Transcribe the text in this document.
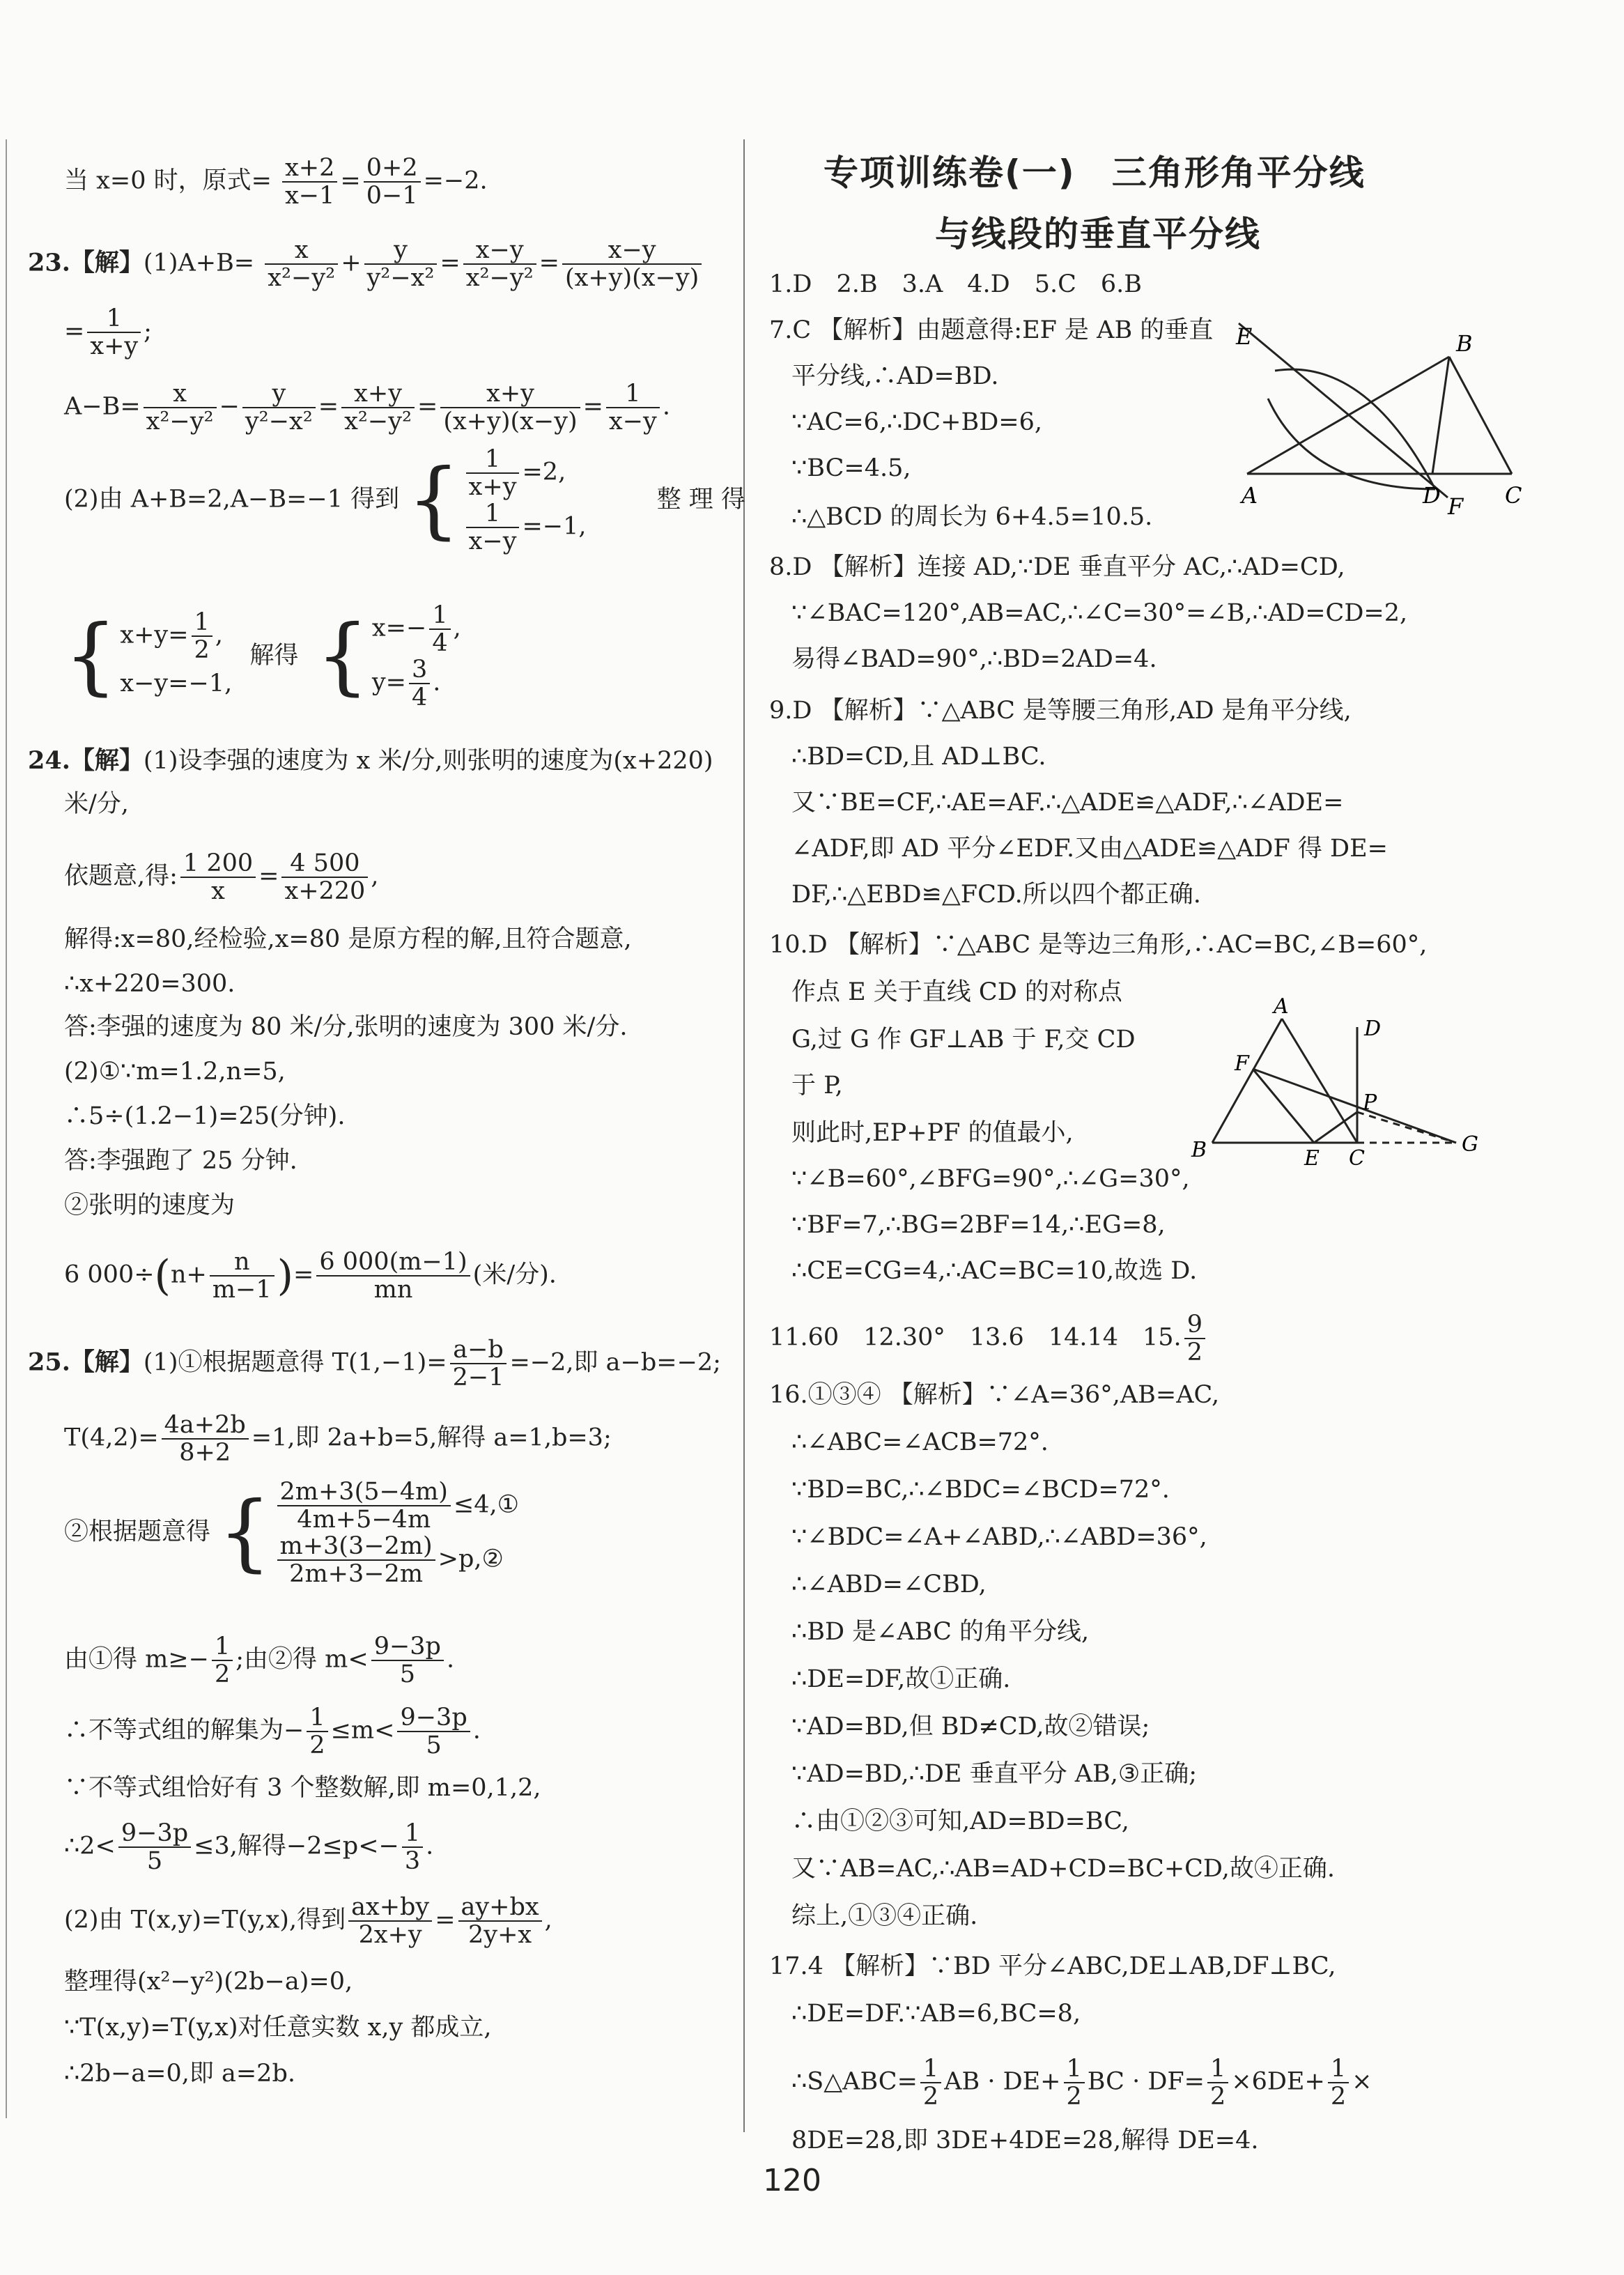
当 x=0 时，原式= $\frac{x+2}{x-1} = \frac{0+2}{0-1} =-2$.
23.【解】$(1)A+B= \frac{x}{\text{x²−y²}} + \frac{y}{\text{y²−x²}} = \frac{x-y}{\text{x²−y²}} = \frac{x-y}{(x+y)(x-y)}$
= $\frac{1}{x+y}$ ;
$A-B= \frac{x}{\text{x²−y²}} - \frac{y}{\text{y²−x²}} = \frac{x+y}{\text{x²−y²}} = \frac{x+y}{(x+y)(x-y)} = \frac{1}{x-y}$ .
(2)由 A+B=2,A−B=−1 得到 { $\frac{1}{x+y} =2$,
$\frac{1}{x-y} =-1$,
整 理 得
{ $x+y= \frac{1}{2}$ ,
x−y=−1,
解得 { $x=- \frac{1}{4}$ ,
$y= \frac{3}{4}$ .
24.【解】(1)设李强的速度为 x 米/分,则张明的速度为(x+220)
米/分,
依题意,得: $\frac{1 200}{x} = \frac{4 500}{x+220}$ ,
解得:x=80,经检验,x=80 是原方程的解,且符合题意,
∴x+220=300.
答:李强的速度为 80 米/分,张明的速度为 300 米/分.
(2)①∵m=1.2,n=5,
∴5÷(1.2−1)=25(分钟).
答:李强跑了 25 分钟.
②张明的速度为
6 $000\div(n+ \frac{n}{m-1}$ )= $\frac{6 000(m-1)}{mn}$ (米/分).
25.【解】(1)①根据题意得 $T(1,-1)= \frac{a-b}{2-1} =-2$,即 a−b=−2;
$T(4,2)= \frac{4a+2b}{8+2} =1$,即 2a+b=5,解得 a=1,b=3;
②根据题意得 { $\frac{2m+3(5-4m)}{4m+5-4m}$ ≤4,①
$\frac{m+3(3-2m)}{2m+3-2m}$ >p,②
由①得 $m\ge- \frac{1}{2}$ ;由②得 $m< \frac{9-3p}{5}$ .
∴不等式组的解集为− $\frac{1}{2} \le m< \frac{9-3p}{5}$ .
∵不等式组恰好有 3 个整数解,即 m=0,1,2,
∴2< $\frac{9-3p}{5} \le 3$,解得$-2\le p<- \frac{1}{3}$ .
(2)由 T(x,y)=T(y,x),得到 $\frac{ax+by}{2x+y} = \frac{ay+bx}{2y+x}$ ,
整理得(x²−y²)(2b−a)=0,
∵T(x,y)=T(y,x)对任意实数 x,y 都成立,
∴2b−a=0,即 a=2b.
专项训练卷(一)　三角形角平分线
与线段的垂直平分线
1.D　2.B　3.A　4.D　5.C　6.B
7.C 【解析】由题意得:EF 是 AB 的垂直
平分线,∴AD=BD.
∵AC=6,∴DC+BD=6,
∵BC=4.5,
∴△BCD 的周长为 6+4.5=10.5.
E	B
A	D F C
8.D 【解析】连接 AD,∵DE 垂直平分 AC,∴AD=CD,
∵∠BAC=120°,AB=AC,∴∠C=30°=∠B,∴AD=CD=2,
易得∠BAD=90°,∴BD=2AD=4.
9.D 【解析】∵△ABC 是等腰三角形,AD 是角平分线,
∴BD=CD,且 AD⊥BC.
又∵BE=CF,∴AE=AF.∴△ADE≌△ADF,∴∠ADE=
∠ADF,即 AD 平分∠EDF.又由△ADE≌△ADF 得 DE=
DF,∴△EBD≌△FCD.所以四个都正确.
10.D 【解析】∵△ABC 是等边三角形,∴AC=BC,∠B=60°,
作点 E 关于直线 CD 的对称点
G,过 G 作 GF⊥AB 于 F,交 CD
于 P,
A
F
D
P
B	E C
G
则此时,EP+PF 的值最小,
∵∠B=60°,∠BFG=90°,∴∠G=30°,
∵BF=7,∴BG=2BF=14,∴EG=8,
∴CE=CG=4,∴AC=BC=10,故选 D.
11.60　12.30°　13.6　14.14　15. $\frac{9}{2}$
16.①③④ 【解析】∵∠A=36°,AB=AC,
∴∠ABC=∠ACB=72°.
∵BD=BC,∴∠BDC=∠BCD=72°.
∵∠BDC=∠A+∠ABD,∴∠ABD=36°,
∴∠ABD=∠CBD,
∴BD 是∠ABC 的角平分线,
∴DE=DF,故①正确.
∵AD=BD,但 BD≠CD,故②错误;
∵AD=BD,∴DE 垂直平分 AB,③正确;
∴由①②③可知,AD=BD=BC,
又∵AB=AC,∴AB=AD+CD=BC+CD,故④正确.
综上,①③④正确.
17.4 【解析】∵BD 平分∠ABC,DE⊥AB,DF⊥BC,
∴DE=DF.∵AB=6,BC=8,
∴S△ABC= $\frac{1}{2}$ AB · $DE+ \frac{1}{2}$ BC · $DF= \frac{1}{2} \times 6DE+ \frac{1}{2}$ ×
8DE=28,即 3DE+4DE=28,解得 DE=4.
120
